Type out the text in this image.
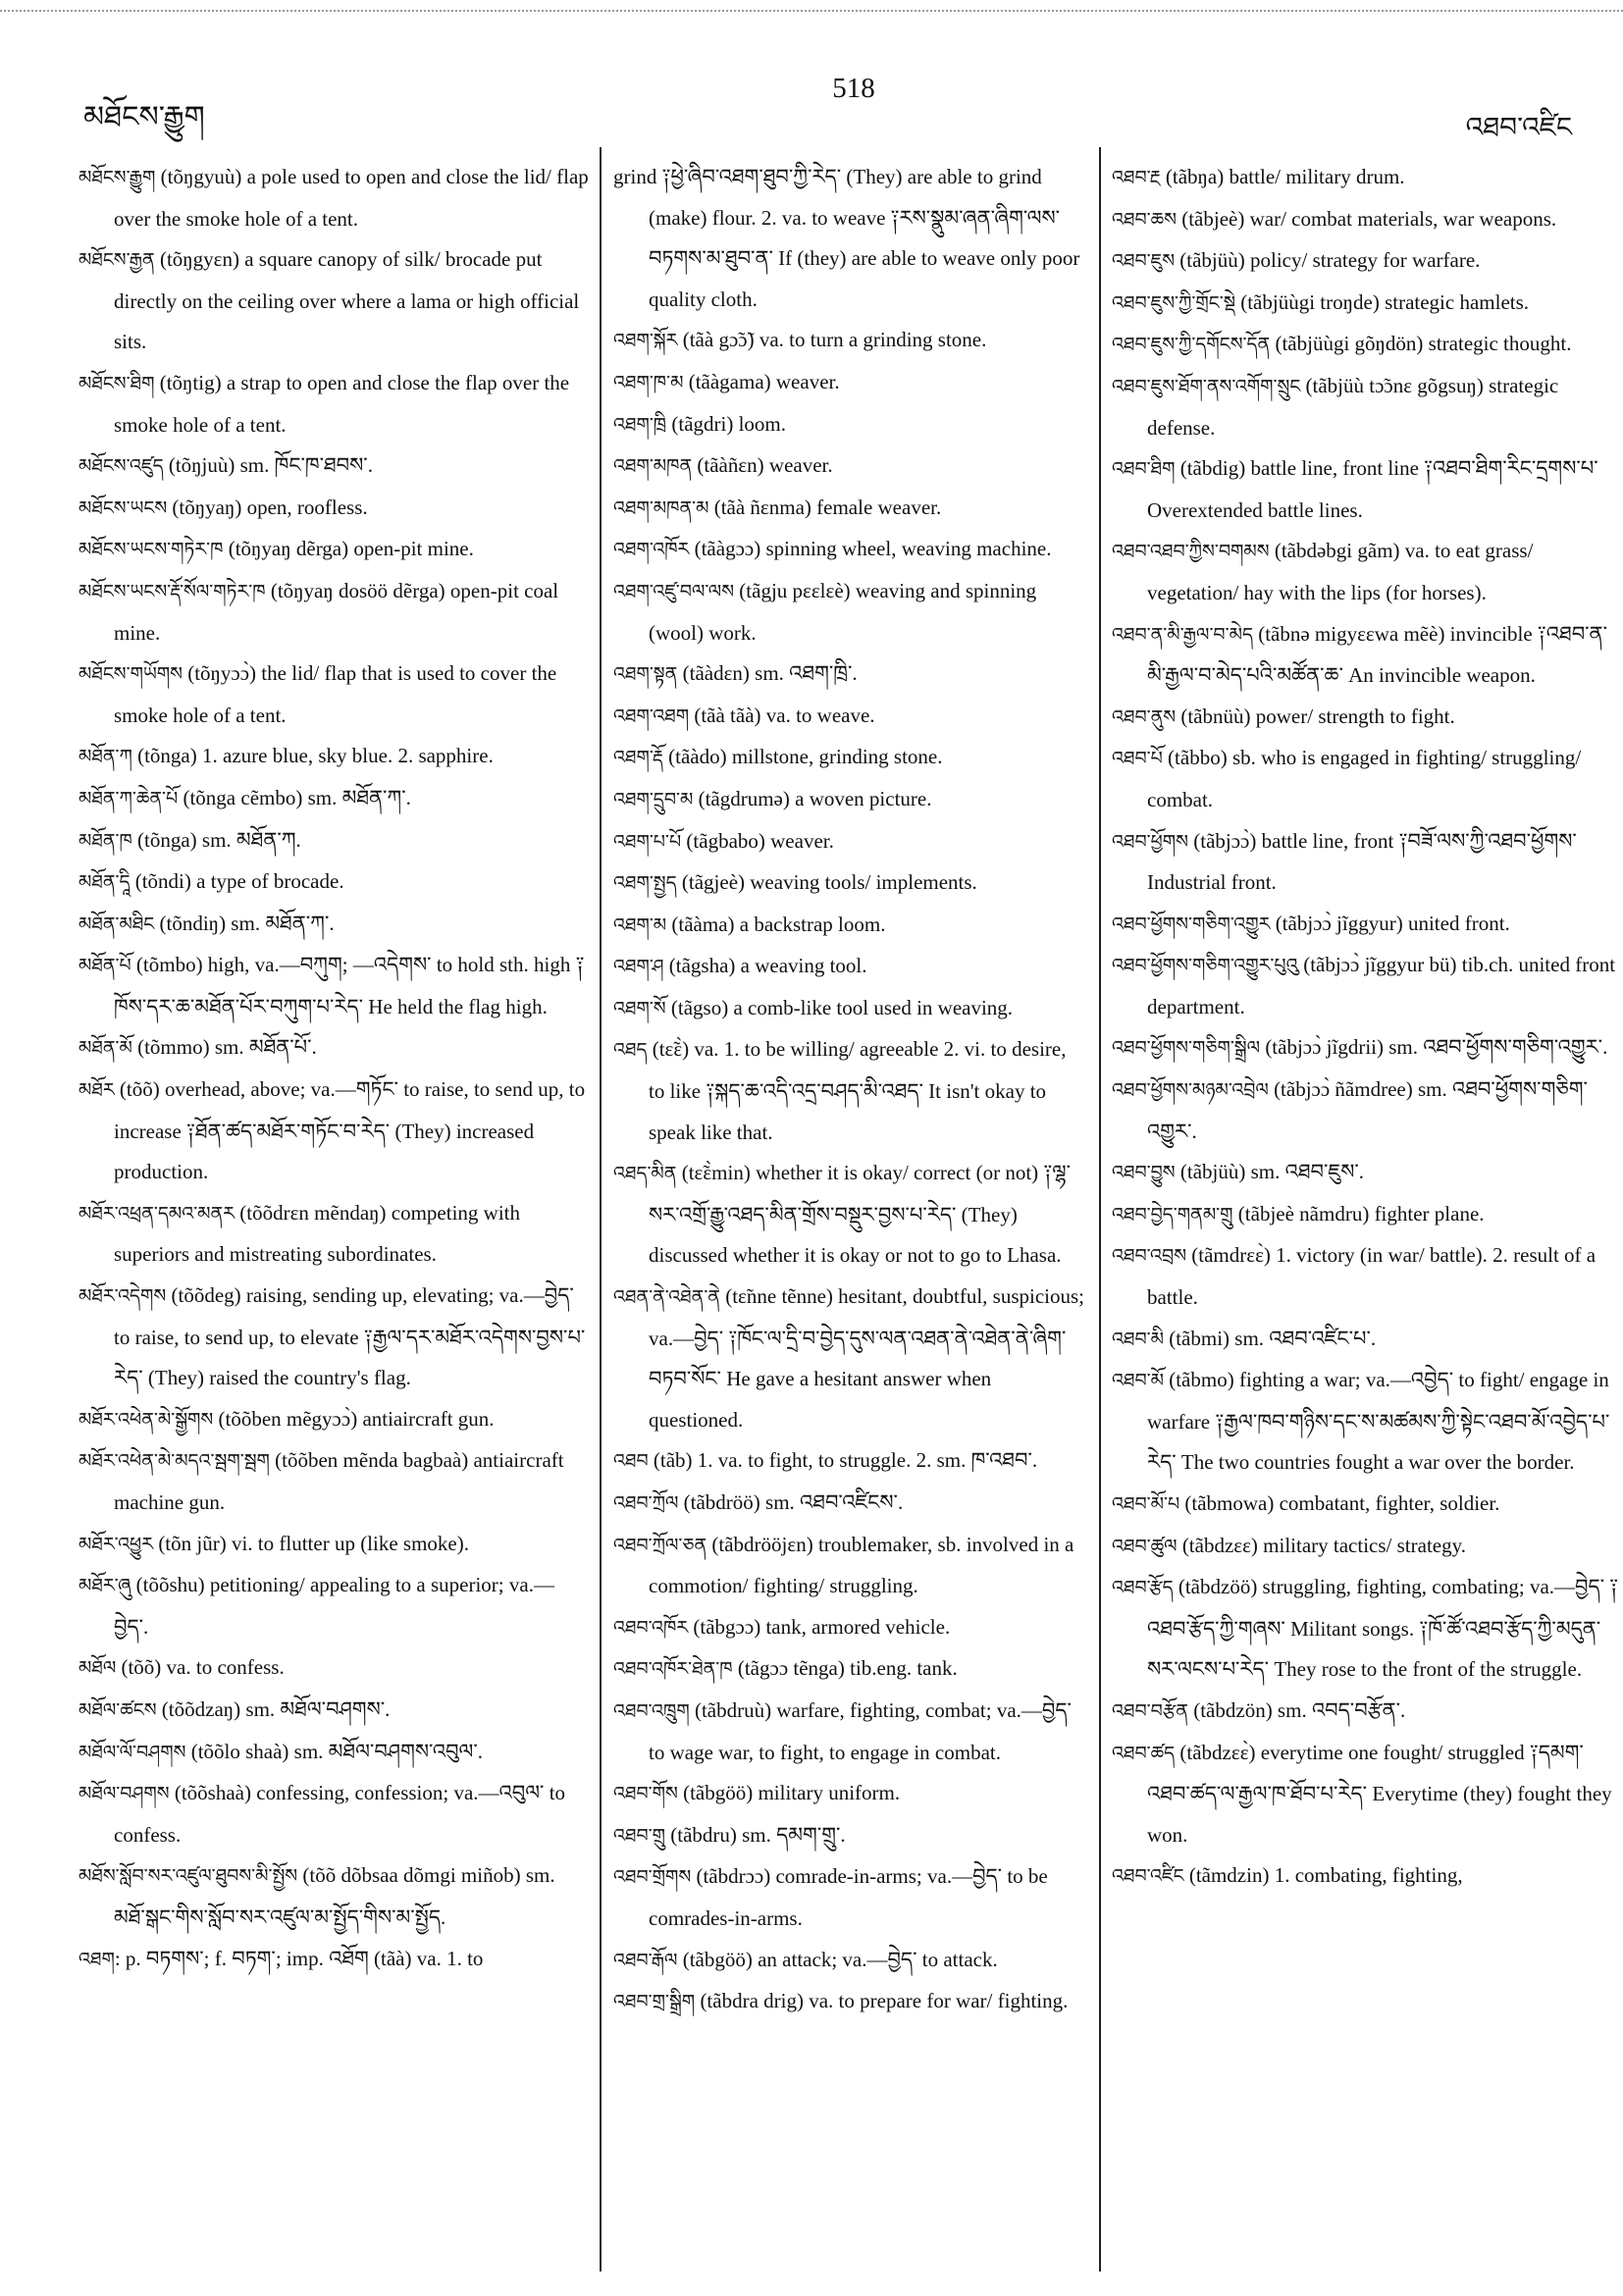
མཐོངས་རྒྱུག
518
འཐབ་འཛིང

མཐོངས་རྒྱུག (tõŋgyuù) a pole used to open and close the lid/ flap over the smoke hole of a tent.

མཐོངས་རྒྱན (tõŋgyɛn) a square canopy of silk/ brocade put directly on the ceiling over where a lama or high official sits.

མཐོངས་ཐིག (tõŋtig) a strap to open and close the flap over the smoke hole of a tent.

མཐོངས་འཛུད (tõŋjuù) sm. ཁོང་ཁ་ཐབས་.

མཐོངས་ཡངས (tõŋyaŋ) open, roofless.

མཐོངས་ཡངས་གཏེར་ཁ (tõŋyaŋ dẽrga) open-pit mine.

མཐོངས་ཡངས་རྡོ་སོལ་གཏེར་ཁ (tõŋyaŋ dosöö dẽrga) open-pit coal mine.

མཐོངས་གཡོགས (tõŋyɔɔ̀) the lid/ flap that is used to cover the smoke hole of a tent.

མཐོན་ཀ (tõnga) 1. azure blue, sky blue. 2. sapphire.

མཐོན་ཀ་ཆེན་པོ (tõnga cẽmbo) sm. མཐོན་ཀ་.

མཐོན་ཁ (tõnga) sm. མཐོན་ཀ.

མཐོན་དཱི (tõndi) a type of brocade.

མཐོན་མཐིང (tõndiŋ) sm. མཐོན་ཀ་.

མཐོན་པོ (tõmbo) high, va.—བཀུག; —འདེགས་ to hold sth. high ༑ཁོས་དར་ཆ་མཐོན་པོར་བཀུག་པ་རེད་ He held the flag high.

མཐོན་མོ (tõmmo) sm. མཐོན་པོ་.

མཐོར (tõõ) overhead, above; va.—གཏོང་ to raise, to send up, to increase ༑ཐོན་ཚད་མཐོར་གཏོང་བ་རེད་ (They) increased production.

མཐོར་འཕྲན་དམའ་མནར (tõõdrɛn mẽndaŋ) competing with superiors and mistreating subordinates.

མཐོར་འདེགས (tõõdeg) raising, sending up, elevating; va.—བྱེད་ to raise, to send up, to elevate ༑རྒྱལ་དར་མཐོར་འདེགས་བྱས་པ་རེད་ (They) raised the country's flag.

མཐོར་འཕེན་མེ་སྒྱོགས (tõõben mẽgyɔɔ̀) antiaircraft gun.

མཐོར་འཕེན་མེ་མདའ་སྦག་སྦག (tõõben mẽnda bagbaà) antiaircraft machine gun.

མཐོར་འཕྱུར (tõn jũr) vi. to flutter up (like smoke).

མཐོར་ཞུ (tõõshu) petitioning/ appealing to a superior; va.—བྱེད་.

མཐོལ (tõõ) va. to confess.

མཐོལ་ཚངས (tõõdzaŋ) sm. མཐོལ་བཤགས་.

མཐོལ་ལོ་བཤགས (tõõlo shaà) sm. མཐོལ་བཤགས་འབུལ་.

མཐོལ་བཤགས (tõõshaà) confessing, confession; va.—འབུལ་ to confess.

མཐོས་སློབ་སར་འཛུལ་ཐུབས་མི་སྤྱོས (tõõ dõbsaa dõmgi miñob) sm. མཐོ་སྒང་གིས་སློབ་སར་འཛུལ་མ་སྤྱོད་གིས་མ་སྤྱོད.

འཐག: p. བཏགས་; f. བཏག་; imp. འཐོག (tãà) va. 1. to

grind ༑ཕྱེ་ཞིབ་འཐག་ཐུབ་ཀྱི་རེད་ (They) are able to grind (make) flour. 2. va. to weave ༑རས་སྣུམ་ཞན་ཞིག་ལས་བཏགས་མ་ཐུབ་ན་ If (they) are able to weave only poor quality cloth.

འཐག་སྐོར (tãà gɔ̃ɔ̃) va. to turn a grinding stone.

འཐག་ཁ་མ (tãàgama) weaver.

འཐག་ཁྲི (tãgdri) loom.

འཐག་མཁན (tãàñɛn) weaver.

འཐག་མཁན་མ (tãà ñɛnma) female weaver.

འཐག་འཁོར (tãàgɔɔ) spinning wheel, weaving machine.

འཐག་འཛུ་བལ་ལས (tãgju pɛɛlɛè) weaving and spinning (wool) work.

འཐག་སྟན (tãàdɛn) sm. འཐག་ཁྲི་.

འཐག་འཐག (tãà tãà) va. to weave.

འཐག་རྡོ (tãàdo) millstone, grinding stone.

འཐག་དྲུབ་མ (tãgdrumə) a woven picture.

འཐག་པ་པོ (tãgbabo) weaver.

འཐག་སྤྱད (tãgjeè) weaving tools/ implements.

འཐག་མ (tãàma) a backstrap loom.

འཐག་ཤ (tãgsha) a weaving tool.

འཐག་སོ (tãgso) a comb-like tool used in weaving.

འཐད (tɛ̃ɛ̀) va. 1. to be willing/ agreeable 2. vi. to desire, to like ༑སྐད་ཆ་འདི་འདྲ་བཤད་མི་འཐད་ It isn't okay to speak like that.

འཐད་མིན (tɛ̃ɛ̀min) whether it is okay/ correct (or not) ༑ལྷ་སར་འགྲོ་རྒྱུ་འཐད་མིན་གྲོས་བསྡུར་བྱས་པ་རེད་ (They) discussed whether it is okay or not to go to Lhasa.

འཐན་ནེ་འཐེན་ནེ (tɛ̃nne tẽnne) hesitant, doubtful, suspicious; va.—བྱེད་ ༑ཁོང་ལ་དྲི་བ་བྱེད་དུས་ལན་འཐན་ནེ་འཐེན་ནེ་ཞིག་བཏབ་སོང་ He gave a hesitant answer when questioned.

འཐབ (tãb) 1. va. to fight, to struggle. 2. sm. ཁ་འཐབ་.

འཐབ་ཀྲོལ (tãbdröö) sm. འཐབ་འཛིངས་.

འཐབ་ཀྲོལ་ཅན (tãbdrööjɛn) troublemaker, sb. involved in a commotion/ fighting/ struggling.

འཐབ་འཁོར (tãbgɔɔ) tank, armored vehicle.

འཐབ་འཁོར་ཐེན་ཁ (tãgɔɔ tẽnga) tib.eng. tank.

འཐབ་འཁྲུག (tãbdruù) warfare, fighting, combat; va.—བྱེད་ to wage war, to fight, to engage in combat.

འཐབ་གོས (tãbgöö) military uniform.

འཐབ་གྲུ (tãbdru) sm. དམག་གྲུ་.

འཐབ་གྲོགས (tãbdrɔɔ) comrade-in-arms; va.—བྱེད་ to be comrades-in-arms.

འཐབ་རྒོལ (tãbgöö) an attack; va.—བྱེད་ to attack.

འཐབ་གྲ་སྒྲིག (tãbdra drig) va. to prepare for war/ fighting.

འཐབ་རྔ (tãbŋa) battle/ military drum.

འཐབ་ཆས (tãbjeè) war/ combat materials, war weapons.

འཐབ་ཇུས (tãbjüù) policy/ strategy for warfare.

འཐབ་ཇུས་ཀྱི་གྲོང་སྡེ (tãbjüùgi troŋde) strategic hamlets.

འཐབ་ཇུས་ཀྱི་དགོངས་དོན (tãbjüùgi gõŋdön) strategic thought.

འཐབ་ཇུས་ཐོག་ནས་འགོག་སྲུང (tãbjüù tɔ̃ɔnɛ gõgsuŋ) strategic defense.

འཐབ་ཐིག (tãbdig) battle line, front line ༑འཐབ་ཐིག་རིང་དྲགས་པ་ Overextended battle lines.

འཐབ་འཐབ་ཀྱིས་བགམས (tãbdəbgi gãm) va. to eat grass/ vegetation/ hay with the lips (for horses).

འཐབ་ན་མི་རྒྱལ་བ་མེད (tãbnə migyɛɛwa mẽè) invincible ༑འཐབ་ན་མི་རྒྱལ་བ་མེད་པའི་མཚོན་ཆ་ An invincible weapon.

འཐབ་ནུས (tãbnüù) power/ strength to fight.

འཐབ་པོ (tãbbo) sb. who is engaged in fighting/ struggling/ combat.

འཐབ་ཕྱོགས (tãbjɔɔ̀) battle line, front ༑བཟོ་ལས་ཀྱི་འཐབ་ཕྱོགས་ Industrial front.

འཐབ་ཕྱོགས་གཅིག་འགྱུར (tãbjɔɔ̀ jĩggyur) united front.

འཐབ་ཕྱོགས་གཅིག་འགྱུར་པུའུ (tãbjɔɔ̀ jĩggyur bü) tib.ch. united front department.

འཐབ་ཕྱོགས་གཅིག་སྒྲིལ (tãbjɔɔ̀ jĩgdrii) sm. འཐབ་ཕྱོགས་གཅིག་འགྱུར་.

འཐབ་ཕྱོགས་མཉམ་འབྲེལ (tãbjɔɔ̀ ñãmdree) sm. འཐབ་ཕྱོགས་གཅིག་འགྱུར་.

འཐབ་བྱུས (tãbjüù) sm. འཐབ་ཇུས་.

འཐབ་བྱེད་གནམ་གྲུ (tãbjeè nãmdru) fighter plane.

འཐབ་འབྲས (tãmdrɛɛ̀) 1. victory (in war/ battle). 2. result of a battle.

འཐབ་མི (tãbmi) sm. འཐབ་འཛིང་པ་.

འཐབ་མོ (tãbmo) fighting a war; va.—འབྱེད་ to fight/ engage in warfare ༑རྒྱལ་ཁབ་གཉིས་དང་ས་མཚམས་ཀྱི་སྟེང་འཐབ་མོ་འབྱེད་པ་རེད་ The two countries fought a war over the border.

འཐབ་མོ་པ (tãbmowa) combatant, fighter, soldier.

འཐབ་ཚུལ (tãbdzɛɛ) military tactics/ strategy.

འཐབ་རྩོད (tãbdzöö) struggling, fighting, combating; va.—བྱེད་ ༑འཐབ་རྩོད་ཀྱི་གཞས་ Militant songs. ༑ཁོ་ཚོ་འཐབ་རྩོད་ཀྱི་མདུན་སར་ལངས་པ་རེད་ They rose to the front of the struggle.

འཐབ་བརྩོན (tãbdzön) sm. འབད་བརྩོན་.

འཐབ་ཚད (tãbdzɛɛ̀) everytime one fought/ struggled ༑དམག་འཐབ་ཚད་ལ་རྒྱལ་ཁ་ཐོབ་པ་རེད་ Everytime (they) fought they won.

འཐབ་འཛིང (tãmdzin) 1. combating, fighting,
